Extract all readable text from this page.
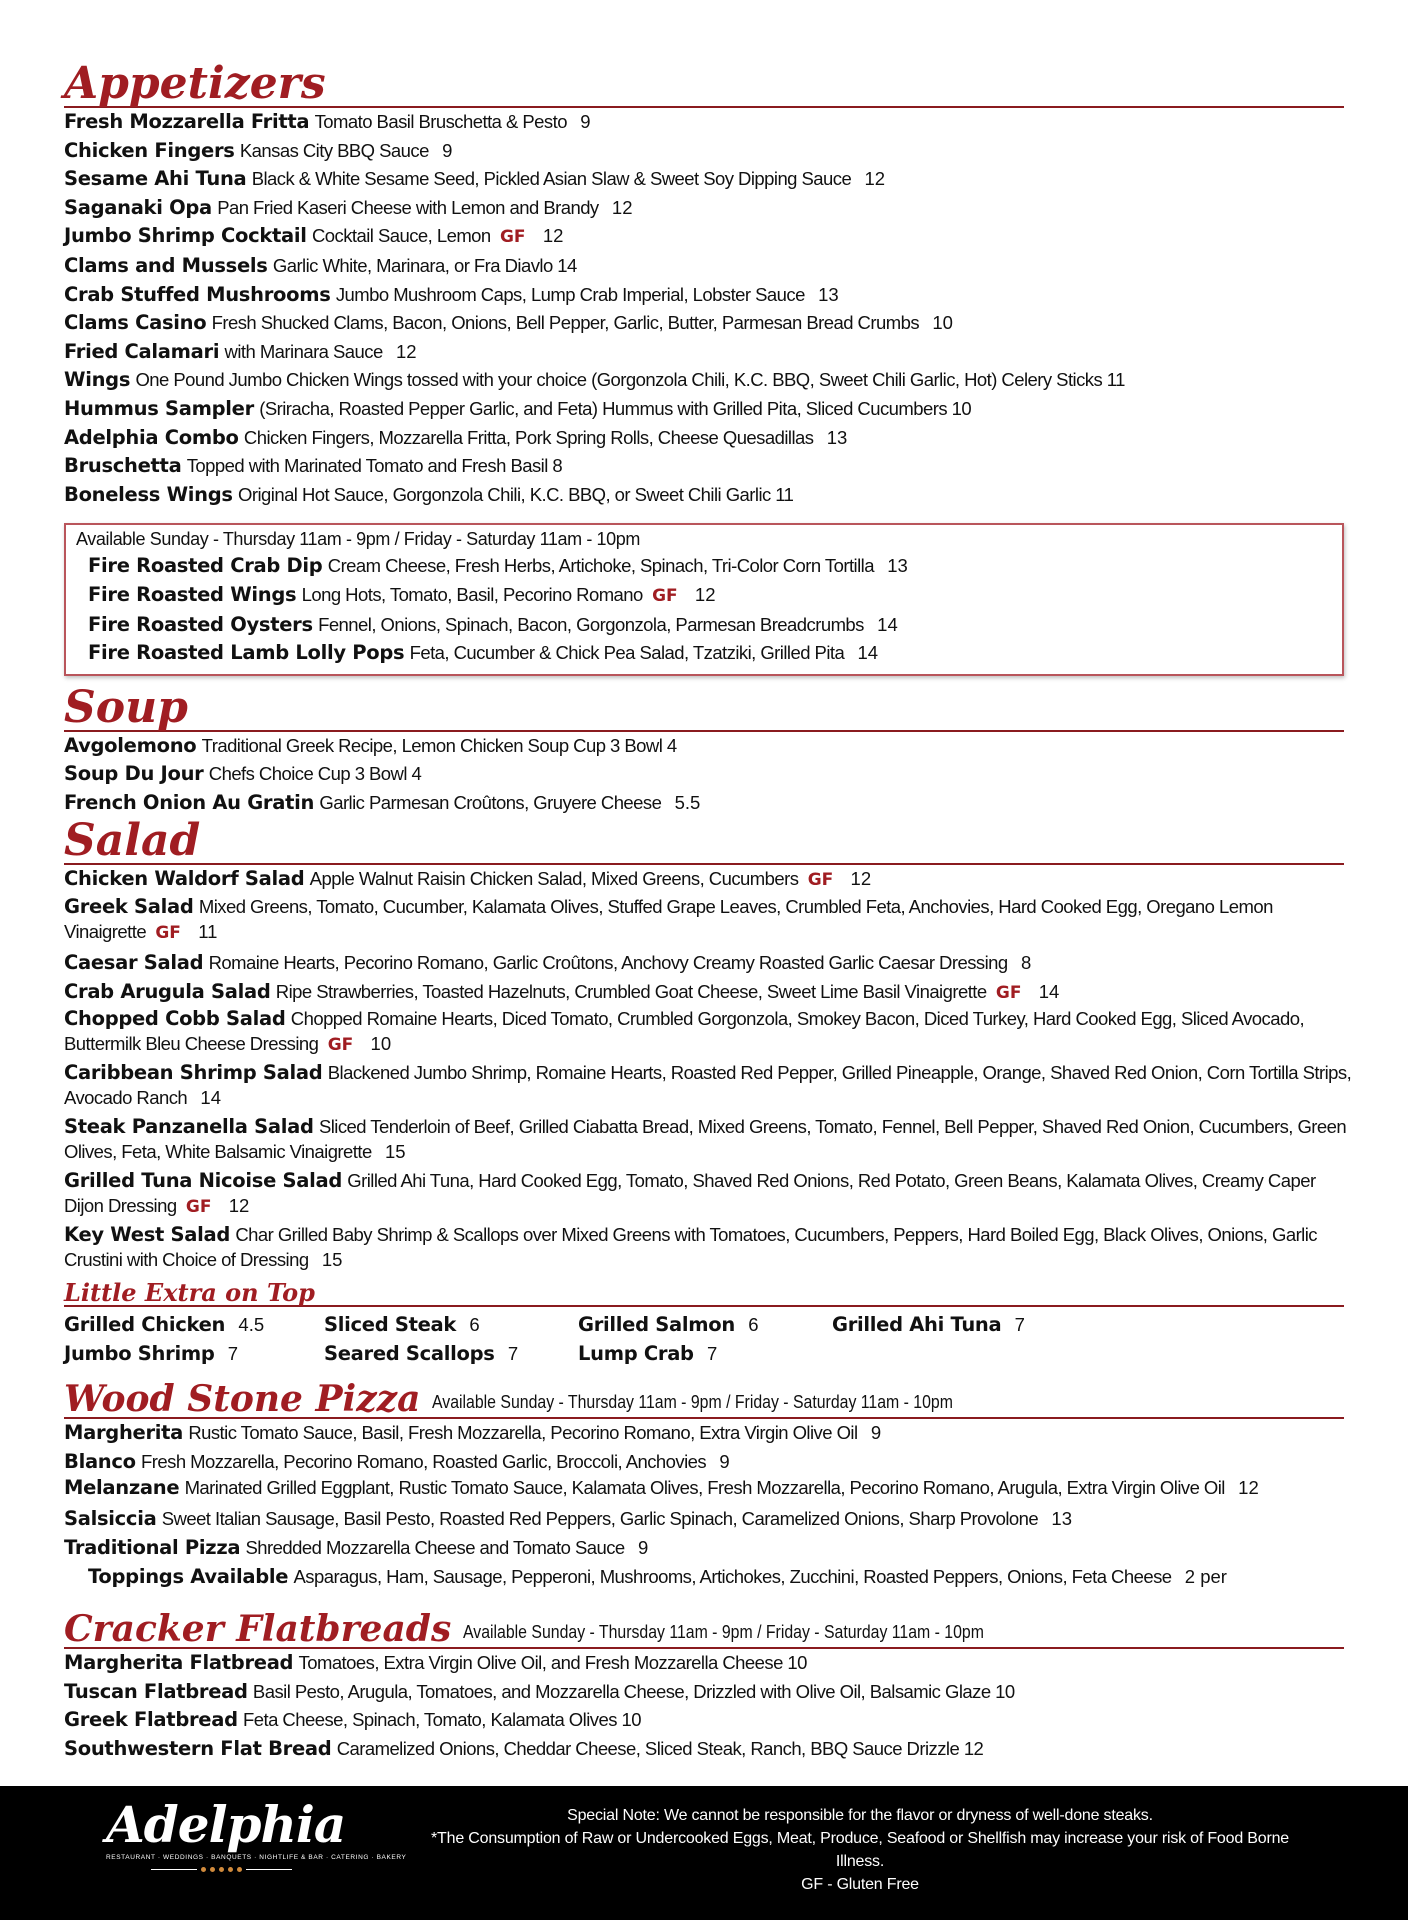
Appetizers
Fresh Mozzarella Fritta Tomato Basil Bruschetta & Pesto 9
Chicken Fingers Kansas City BBQ Sauce 9
Sesame Ahi Tuna Black & White Sesame Seed, Pickled Asian Slaw & Sweet Soy Dipping Sauce 12
Saganaki Opa Pan Fried Kaseri Cheese with Lemon and Brandy 12
Jumbo Shrimp Cocktail Cocktail Sauce, Lemon GF 12
Clams and Mussels Garlic White, Marinara, or Fra Diavlo 14
Crab Stuffed Mushrooms Jumbo Mushroom Caps, Lump Crab Imperial, Lobster Sauce 13
Clams Casino Fresh Shucked Clams, Bacon, Onions, Bell Pepper, Garlic, Butter, Parmesan Bread Crumbs 10
Fried Calamari with Marinara Sauce 12
Wings One Pound Jumbo Chicken Wings tossed with your choice (Gorgonzola Chili, K.C. BBQ, Sweet Chili Garlic, Hot) Celery Sticks 11
Hummus Sampler (Sriracha, Roasted Pepper Garlic, and Feta) Hummus with Grilled Pita, Sliced Cucumbers 10
Adelphia Combo Chicken Fingers, Mozzarella Fritta, Pork Spring Rolls, Cheese Quesadillas 13
Bruschetta Topped with Marinated Tomato and Fresh Basil 8
Boneless Wings Original Hot Sauce, Gorgonzola Chili, K.C. BBQ, or Sweet Chili Garlic 11
Available Sunday - Thursday 11am - 9pm / Friday - Saturday 11am - 10pm
Fire Roasted Crab Dip Cream Cheese, Fresh Herbs, Artichoke, Spinach, Tri-Color Corn Tortilla 13
Fire Roasted Wings Long Hots, Tomato, Basil, Pecorino Romano GF 12
Fire Roasted Oysters Fennel, Onions, Spinach, Bacon, Gorgonzola, Parmesan Breadcrumbs 14
Fire Roasted Lamb Lolly Pops Feta, Cucumber & Chick Pea Salad, Tzatziki, Grilled Pita 14
Soup
Avgolemono Traditional Greek Recipe, Lemon Chicken Soup Cup 3 Bowl 4
Soup Du Jour Chefs Choice Cup 3 Bowl 4
French Onion Au Gratin Garlic Parmesan Croûtons, Gruyere Cheese 5.5
Salad
Chicken Waldorf Salad Apple Walnut Raisin Chicken Salad, Mixed Greens, Cucumbers GF 12
Greek Salad Mixed Greens, Tomato, Cucumber, Kalamata Olives, Stuffed Grape Leaves, Crumbled Feta, Anchovies, Hard Cooked Egg, Oregano Lemon Vinaigrette GF 11
Caesar Salad Romaine Hearts, Pecorino Romano, Garlic Croûtons, Anchovy Creamy Roasted Garlic Caesar Dressing 8
Crab Arugula Salad Ripe Strawberries, Toasted Hazelnuts, Crumbled Goat Cheese, Sweet Lime Basil Vinaigrette GF 14
Chopped Cobb Salad Chopped Romaine Hearts, Diced Tomato, Crumbled Gorgonzola, Smokey Bacon, Diced Turkey, Hard Cooked Egg, Sliced Avocado, Buttermilk Bleu Cheese Dressing GF 10
Caribbean Shrimp Salad Blackened Jumbo Shrimp, Romaine Hearts, Roasted Red Pepper, Grilled Pineapple, Orange, Shaved Red Onion, Corn Tortilla Strips, Avocado Ranch 14
Steak Panzanella Salad Sliced Tenderloin of Beef, Grilled Ciabatta Bread, Mixed Greens, Tomato, Fennel, Bell Pepper, Shaved Red Onion, Cucumbers, Green Olives, Feta, White Balsamic Vinaigrette 15
Grilled Tuna Nicoise Salad Grilled Ahi Tuna, Hard Cooked Egg, Tomato, Shaved Red Onions, Red Potato, Green Beans, Kalamata Olives, Creamy Caper Dijon Dressing GF 12
Key West Salad Char Grilled Baby Shrimp & Scallops over Mixed Greens with Tomatoes, Cucumbers, Peppers, Hard Boiled Egg, Black Olives, Onions, Garlic Crustini with Choice of Dressing 15
Little Extra on Top
Grilled Chicken 4.5	Sliced Steak 6	Grilled Salmon 6	Grilled Ahi Tuna 7
Jumbo Shrimp 7	Seared Scallops 7	Lump Crab 7
Wood Stone Pizza Available Sunday - Thursday 11am - 9pm / Friday - Saturday 11am - 10pm
Margherita Rustic Tomato Sauce, Basil, Fresh Mozzarella, Pecorino Romano, Extra Virgin Olive Oil 9
Blanco Fresh Mozzarella, Pecorino Romano, Roasted Garlic, Broccoli, Anchovies 9
Melanzane Marinated Grilled Eggplant, Rustic Tomato Sauce, Kalamata Olives, Fresh Mozzarella, Pecorino Romano, Arugula, Extra Virgin Olive Oil 12
Salsiccia Sweet Italian Sausage, Basil Pesto, Roasted Red Peppers, Garlic Spinach, Caramelized Onions, Sharp Provolone 13
Traditional Pizza Shredded Mozzarella Cheese and Tomato Sauce 9
Toppings Available Asparagus, Ham, Sausage, Pepperoni, Mushrooms, Artichokes, Zucchini, Roasted Peppers, Onions, Feta Cheese 2 per
Cracker Flatbreads Available Sunday - Thursday 11am - 9pm / Friday - Saturday 11am - 10pm
Margherita Flatbread Tomatoes, Extra Virgin Olive Oil, and Fresh Mozzarella Cheese 10
Tuscan Flatbread Basil Pesto, Arugula, Tomatoes, and Mozzarella Cheese, Drizzled with Olive Oil, Balsamic Glaze 10
Greek Flatbread Feta Cheese, Spinach, Tomato, Kalamata Olives 10
Southwestern Flat Bread Caramelized Onions, Cheddar Cheese, Sliced Steak, Ranch, BBQ Sauce Drizzle 12
Adelphia
RESTAURANT · WEDDINGS · BANQUETS · NIGHTLIFE & BAR · CATERING · BAKERY
Special Note: We cannot be responsible for the flavor or dryness of well-done steaks.
*The Consumption of Raw or Undercooked Eggs, Meat, Produce, Seafood or Shellfish may increase your risk of Food Borne Illness.
GF - Gluten Free
